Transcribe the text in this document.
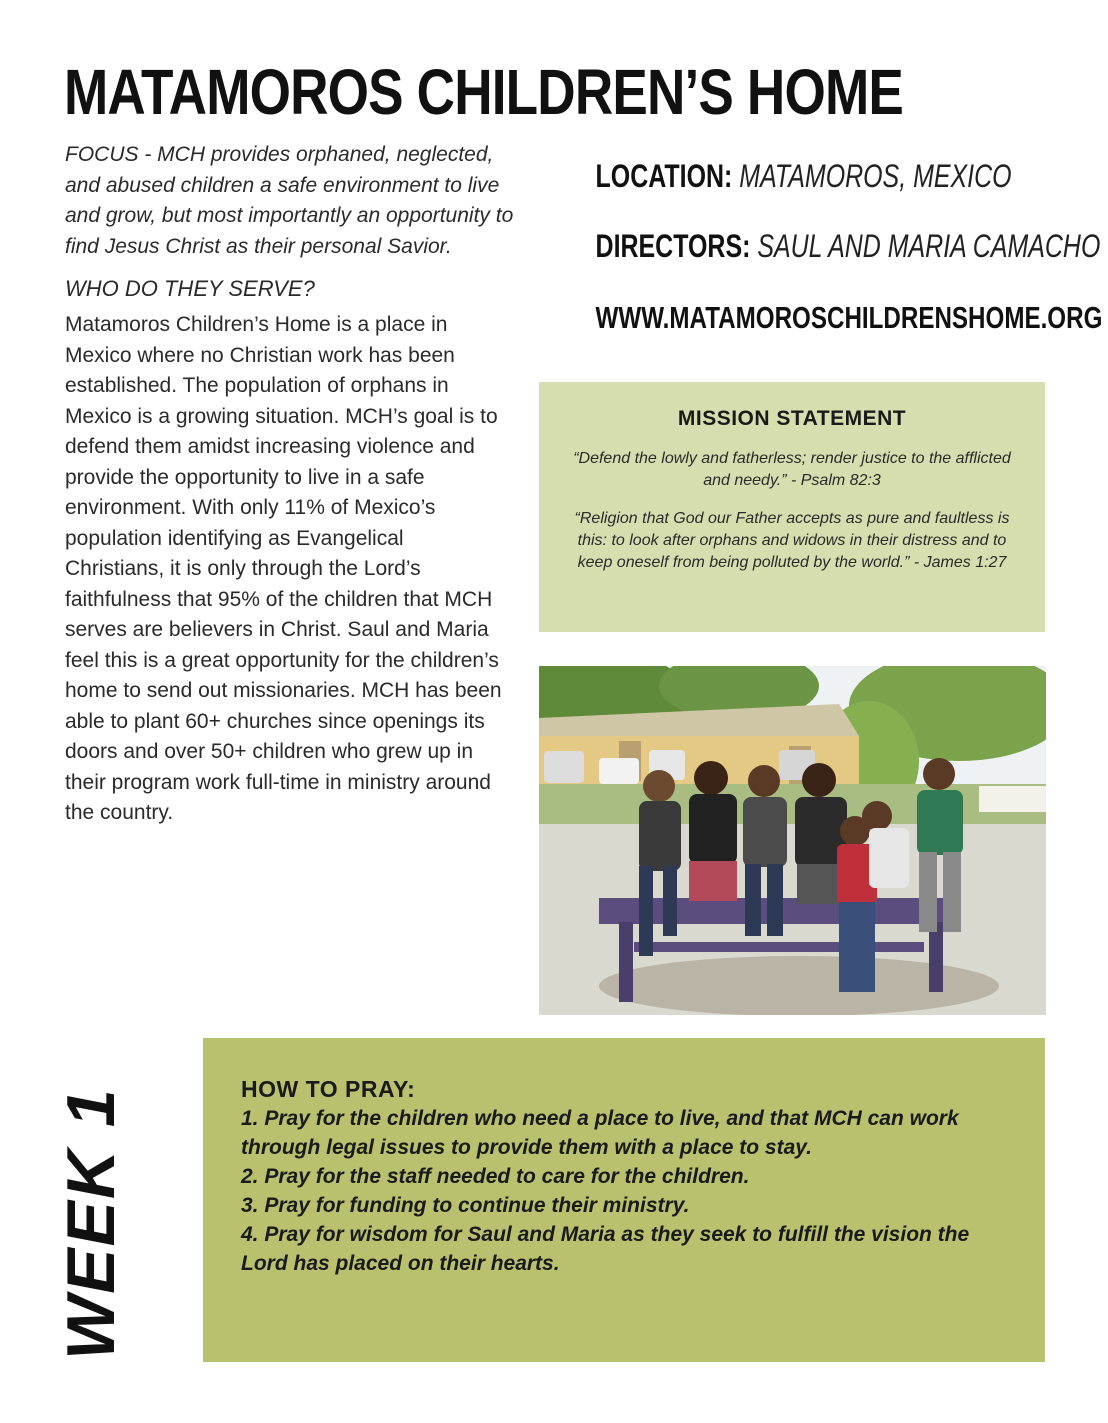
MATAMOROS CHILDREN’S HOME

FOCUS - MCH provides orphaned, neglected, and abused children a safe environment to live and grow, but most importantly an opportunity to find Jesus Christ as their personal Savior.

WHO DO THEY SERVE?

Matamoros Children’s Home is a place in Mexico where no Christian work has been established. The population of orphans in Mexico is a growing situation. MCH’s goal is to defend them amidst increasing violence and provide the opportunity to live in a safe environment. With only 11% of Mexico’s population identifying as Evangelical Christians, it is only through the Lord’s faithfulness that 95% of the children that MCH serves are believers in Christ. Saul and Maria feel this is a great opportunity for the children’s home to send out missionaries. MCH has been able to plant 60+ churches since openings its doors and over 50+ children who grew up in their program work full-time in ministry around the country.

LOCATION: MATAMOROS, MEXICO
DIRECTORS: SAUL AND MARIA CAMACHO
WWW.MATAMOROSCHILDRENSHOME.ORG
MISSION STATEMENT
“Defend the lowly and fatherless; render justice to the afflicted and needy.” - Psalm 82:3
“Religion that God our Father accepts as pure and faultless is this: to look after orphans and widows in their distress and to keep oneself from being polluted by the world.” - James 1:27
HOW TO PRAY:
1. Pray for the children who need a place to live, and that MCH can work through legal issues to provide them with a place to stay.
2. Pray for the staff needed to care for the children.
3. Pray for funding to continue their ministry.
4. Pray for wisdom for Saul and Maria as they seek to fulfill the vision the Lord has placed on their hearts.
WEEK 1
